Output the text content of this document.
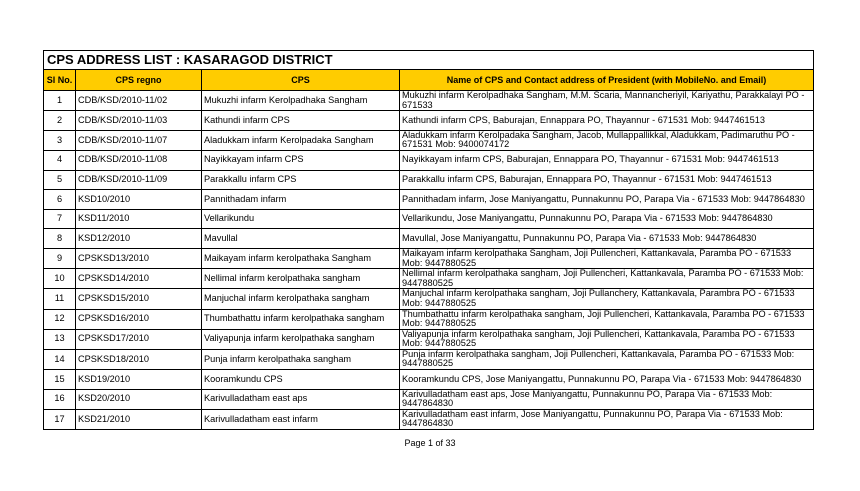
CPS ADDRESS LIST : KASARAGOD DISTRICT			
Sl No.	CPS regno	CPS	Name of CPS and Contact address of President (with MobileNo. and Email)
1	CDB/KSD/2010-11/02	Mukuzhi infarm Kerolpadhaka Sangham	Mukuzhi infarm Kerolpadhaka Sangham, M.M. Scaria, Mannancheriyil, Kariyathu, Parakkalayi PO - 671533
2	CDB/KSD/2010-11/03	Kathundi infarm CPS	Kathundi infarm CPS, Baburajan, Ennappara PO, Thayannur - 671531 Mob: 9447461513
3	CDB/KSD/2010-11/07	Aladukkam infarm Kerolpadaka Sangham	Aladukkam infarm Kerolpadaka Sangham, Jacob, Mullappallikkal, Aladukkam, Padimaruthu PO - 671531 Mob: 9400074172
4	CDB/KSD/2010-11/08	Nayikkayam infarm CPS	Nayikkayam infarm CPS, Baburajan, Ennappara PO, Thayannur - 671531 Mob: 9447461513
5	CDB/KSD/2010-11/09	Parakkallu infarm CPS	Parakkallu infarm CPS, Baburajan, Ennappara PO, Thayannur - 671531 Mob: 9447461513
6	KSD10/2010	Pannithadam infarm	Pannithadam infarm, Jose Maniyangattu, Punnakunnu PO, Parapa Via - 671533 Mob: 9447864830
7	KSD11/2010	Vellarikundu	Vellarikundu, Jose Maniyangattu, Punnakunnu PO, Parapa Via - 671533 Mob: 9447864830
8	KSD12/2010	Mavullal	Mavullal, Jose Maniyangattu, Punnakunnu PO, Parapa Via - 671533 Mob: 9447864830
9	CPSKSD13/2010	Maikayam infarm kerolpathaka Sangham	Maikayam infarm kerolpathaka Sangham, Joji Pullencheri, Kattankavala, Paramba PO - 671533 Mob: 9447880525
10	CPSKSD14/2010	Nellimal infarm kerolpathaka sangham	Nellimal infarm kerolpathaka sangham, Joji Pullencheri, Kattankavala, Paramba PO - 671533 Mob: 9447880525
11	CPSKSD15/2010	Manjuchal infarm kerolpathaka sangham	Manjuchal infarm kerolpathaka sangham, Joji Pullanchery, Kattankavala, Parambra PO - 671533 Mob: 9447880525
12	CPSKSD16/2010	Thumbathattu infarm kerolpathaka sangham	Thumbathattu infarm kerolpathaka sangham, Joji Pullencheri, Kattankavala, Paramba PO - 671533 Mob: 9447880525
13	CPSKSD17/2010	Valiyapunja infarm kerolpathaka sangham	Valiyapunja infarm kerolpathaka sangham, Joji Pullencheri, Kattankavala, Paramba PO - 671533 Mob: 9447880525
14	CPSKSD18/2010	Punja infarm kerolpathaka sangham	Punja infarm kerolpathaka sangham, Joji Pullencheri, Kattankavala, Paramba PO - 671533 Mob: 9447880525
15	KSD19/2010	Kooramkundu CPS	Kooramkundu CPS, Jose Maniyangattu, Punnakunnu PO, Parapa Via - 671533 Mob: 9447864830
16	KSD20/2010	Karivulladatham east aps	Karivulladatham east aps, Jose Maniyangattu, Punnakunnu PO, Parapa Via - 671533 Mob: 9447864830
17	KSD21/2010	Karivulladatham east infarm	Karivulladatham east infarm, Jose Maniyangattu, Punnakunnu PO, Parapa Via - 671533 Mob: 9447864830
Page 1 of 33
